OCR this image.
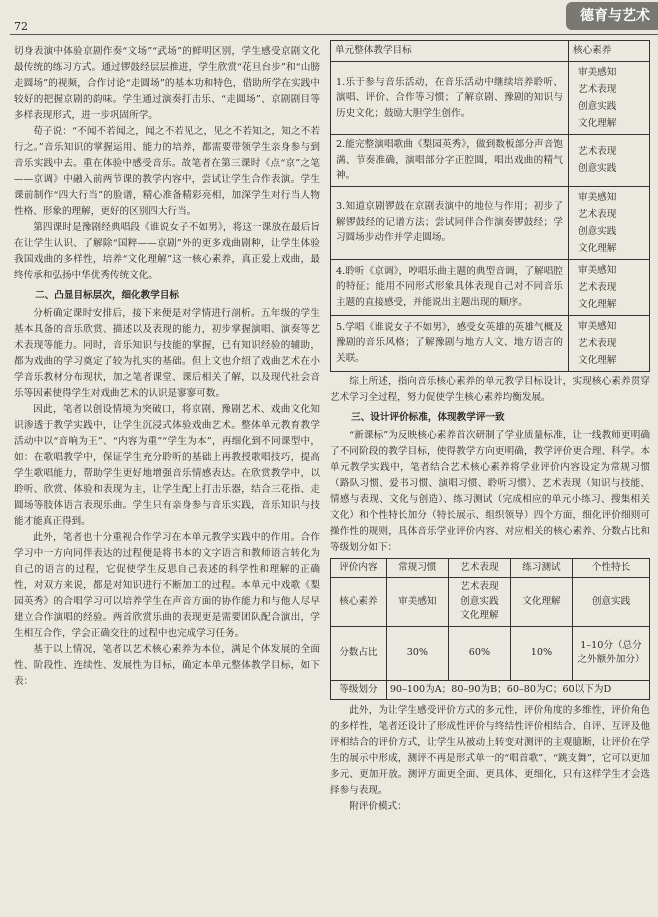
72
德育与艺术

切身表演中体验京剧作奏“文场”“武场”的鲜明区别，学生感受京剧文化最传统的练习方式。通过锣鼓经层层推进，学生欣赏“花旦台步”和“山膀走圆场”的视频，合作讨论“走圆场”的基本功和特色，借助所学在实践中较好的把握京剧的韵味。学生通过演奏打击乐、“走圆场”、京剧剧目等多样表现形式，进一步巩固所学。

荀子说：“不闻不若闻之，闻之不若见之，见之不若知之，知之不若行之。”音乐知识的掌握运用、能力的培养，都需要带领学生亲身参与到音乐实践中去。重在体验中感受音乐。故笔者在第三课时《点“京”之笔——京调》中融入前两节课的教学内容中，尝试让学生合作表演。学生课前制作“四大行当”的脸谱，精心准备精彩亮相，加深学生对行当人物性格、形象的理解，更好的区别四大行当。

第四课时是豫剧经典唱段《谁说女子不如男》，将这一课放在最后旨在让学生认识、了解除“国粹——京剧”外的更多戏曲剧种，让学生体验我国戏曲的多样性，培养“文化理解”这一核心素养，真正爱上戏曲，最终传承和弘扬中华优秀传统文化。

二、凸显目标层次，细化教学目标

分析确定课时安排后，接下来便是对学情进行剖析。五年级的学生基本具备的音乐欣赏、描述以及表现的能力，初步掌握演唱、演奏等艺术表现等能力。同时，音乐知识与技能的掌握，已有知识经验的辅助，都为戏曲的学习奠定了较为扎实的基础。但上文也介绍了戏曲艺术在小学音乐教材分布现状，加之笔者课堂、课后相关了解，以及现代社会音乐等因素使得学生对戏曲艺术的认识是寥寥可数。

因此，笔者以创设情境为突破口，将京剧、豫剧艺术、戏曲文化知识渗透于教学实践中，让学生沉浸式体验戏曲艺术。整体单元教育教学活动中以“音响为王”、“内容为重”“学生为本”，再细化到不同课型中，如：在歌唱教学中，保证学生充分聆听的基础上再教授歌唱技巧，提高学生歌唱能力，帮助学生更好地增强音乐情感表达。在欣赏教学中，以聆听、欣赏、体验和表现为主，让学生配上打击乐器，结合三花指、走圆场等肢体语言表现乐曲。学生只有亲身参与音乐实践，音乐知识与技能才能真正得到。

此外，笔者也十分重视合作学习在本单元教学实践中的作用。合作学习中一方向同伴表达的过程便是将书本的文字语言和教师语言转化为自己的语言的过程，它促使学生反思自己表述的科学性和理解的正确性，对双方来说，都是对知识进行不断加工的过程。本单元中戏歌《梨园英秀》的合唱学习可以培养学生在声音方面的协作能力和与他人尽早建立合作演唱的经验。两首欣赏乐曲的表现更是需要团队配合演出，学生相互合作，学会正确交往的过程中也完成学习任务。

基于以上情况，笔者以艺术核心素养为本位，满足个体发展的全面性、阶段性、连续性、发展性为目标，确定本单元整体教学目标，如下表：

单元整体教学目标	核心素养
1.乐于参与音乐活动，在音乐活动中继续培养聆听、演唱、评价、合作等习惯；了解京剧、豫剧的知识与历史文化；鼓励大胆学生创作。	审美感知
艺术表现
创意实践
文化理解

2.能完整演唱歌曲《梨园英秀》，做到数板部分声音饱满、节奏准确，演唱部分字正腔圆，唱出戏曲的精气神。	艺术表现
创意实践

3.知道京剧锣鼓在京剧表演中的地位与作用；初步了解锣鼓经的记谱方法；尝试同伴合作演奏锣鼓经；学习圆场步动作并学走圆场。	审美感知
艺术表现
创意实践
文化理解

4.聆听《京调》，哼唱乐曲主题的典型音调，了解唱腔的特征；能用不同形式形象具体表现自己对不同音乐主题的直接感受，并能说出主题出现的顺序。	审美感知
艺术表现
文化理解

5.学唱《谁说女子不如男》，感受女英雄的英雄气概及豫剧的音乐风格；了解豫剧与地方人文、地方语言的关联。	审美感知
艺术表现
文化理解

综上所述，指向音乐核心素养的单元教学目标设计，实现核心素养贯穿艺术学习全过程，努力促使学生核心素养均衡发展。

三、设计评价标准，体现教学评一致

“新课标”为反映核心素养首次研制了学业质量标准，让一线教师更明确了不同阶段的教学目标，使得教学方向更明确，教学评价更合理、科学。本单元教学实践中，笔者结合艺术核心素养将学业评价内容设定为常规习惯（路队习惯、爱书习惯、演唱习惯、聆听习惯）、艺术表现（知识与技能、情感与表现、文化与创造）、练习测试（完成相应的单元小练习、搜集相关文化）和个性特长加分（特长展示、组织领导）四个方面，细化评价细则可操作性的规则，具体音乐学业评价内容、对应相关的核心素养、分数占比和等级划分如下：

评价内容	常规习惯	艺术表现	练习测试	个性特长
核心素养	审美感知	艺术表现
创意实践
文化理解	文化理解	创意实践
分数占比	30%	60%	10%	1–10分（总分之外额外加分）
等级划分	90–100为A；80–90为B；60–80为C；60以下为D			

此外，为让学生感受评价方式的多元性，评价角度的多维性，评价角色的多样性，笔者还设计了形成性评价与终结性评价相结合、自评、互评及他评相结合的评价方式，让学生从被动上转变对测评的主观臆断，让评价在学生的展示中形成，测评不再是形式单一的“唱首歌”、“跳支舞”，它可以更加多元、更加开放。测评方面更全面、更具体、更细化，只有这样学生才会选择参与表现。

附评价模式：
